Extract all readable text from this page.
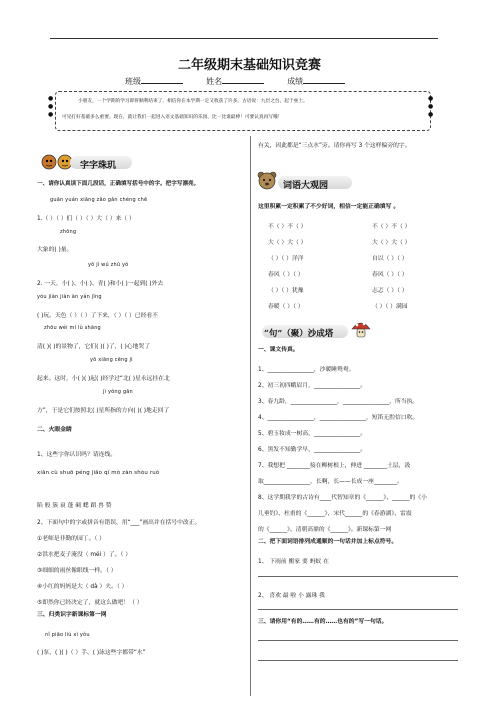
二年级期末基础知识竞赛
班级	姓名	成绩
●
●
●
●
●
●
小朋友，一个学期的学习即将顺利结束了，相信你在本学期一定又收获了许多。古语说：九层之台，起于垒土。
可见打好基础多么重要。现在，就让我们一起进入语文基础知识的乐园，比一比谁最棒！可要认真再写哦！
字字珠玑
一、请你认真读下面几段话，正确填写括号中的字。把字写漂亮。
guān yuán xiāng zǎo gǎn chéng chē
1.（ ）（ ）们（ ）（ ）大（ ）来（ ）
zhōng
大象的( )量。
yō jì wú zhū yǒ
2. 一天，小( )、小( )、青( )和小( )一起到( )外去
yóu jiàn jiàn àn yán jǐng
( )玩。天色（ ）（ ）了下来，（ ）（ ）已经看不
zhōu wéi mí lù shāng
清( )( )的景物了，它们( )( )了，( )心地哭了
yō xiāng cēng jì
起来。这时，小( )( )起( )经学过“北( )星永远挂在北
jì yǒng gān
方”，于是它们按照北( )星所指的方向( )( )地走回了
二、火眼金睛
1、这些字你认识吗？请连线。
xiān cù shuō péng jiāo qí mò zàn shòu ruò
陷 般 簇 衰 蓬 碉 蟋 蹈 兽 赞
2、下面句中的字或拼音有错误，用“___”画出并在括号中改正。
①老师是非勤的园丁。（ ）
②洪水把麦子淹没（ méi ）了。（ ）
③细细的雨丝像眼线一样。（ ）
④小红的妈妈是大（ dà ）夫。（ ）
⑤即然你已经决定了，就这么做吧！（ ）
三、归类识字新课标第一网
nǐ piāo liú xì yǒu
( )泵、( )( )（ ）手、( )泳这些字都带“水”
有关，因此都是“三点水”旁。请你再写 3 个这样偏旁的字。
词语大观园
这里积累一定积累了不少好词，相信一定能正确填写 。
不（ ）不（ ）
大（ ）大（ ）
（ ）（ ）洋洋
春风（ ）（ ）
（ ）（ ）犹豫
春暖（ ）（ ）
不（ ）不（ ）
大（ ）大（ ）
自以（ ）（ ）
春风（ ）（ ）
忐忑（ ）（ ）
（ ）（ ）满园
“句”（聚）沙成塔
一、课文传真。
1、________________，沙暖睡鸳鸯。
2、初三初四蛾眉月，________________。
3、春九龄，________________，________________，所当执。
4、________________，________________，短笛无腔信口吹。
5、碧玉妆成一树高，________________。
6、黑发不知勤学早，________________。
7、我想把 ________接在柳树根上，伸进 ________土层，汲
取________________，长啊，长——长成一座________。
8、这学期我学的古诗有____代智知章的《______》、______的《小
儿垂钓》、杜甫的《______》，宋代______的《春游湖》、雷震
的《______》、清朝高鼎的《______》。新课标第一网
二、把下面词语排列成通顺的一句话并加上标点符号。
1、 下雨前 搬家 要 蚂蚁 在
2、 喜欢 最 啦 小 露珠 我
三、请你用“有的……有的……也有的”写一句话。
